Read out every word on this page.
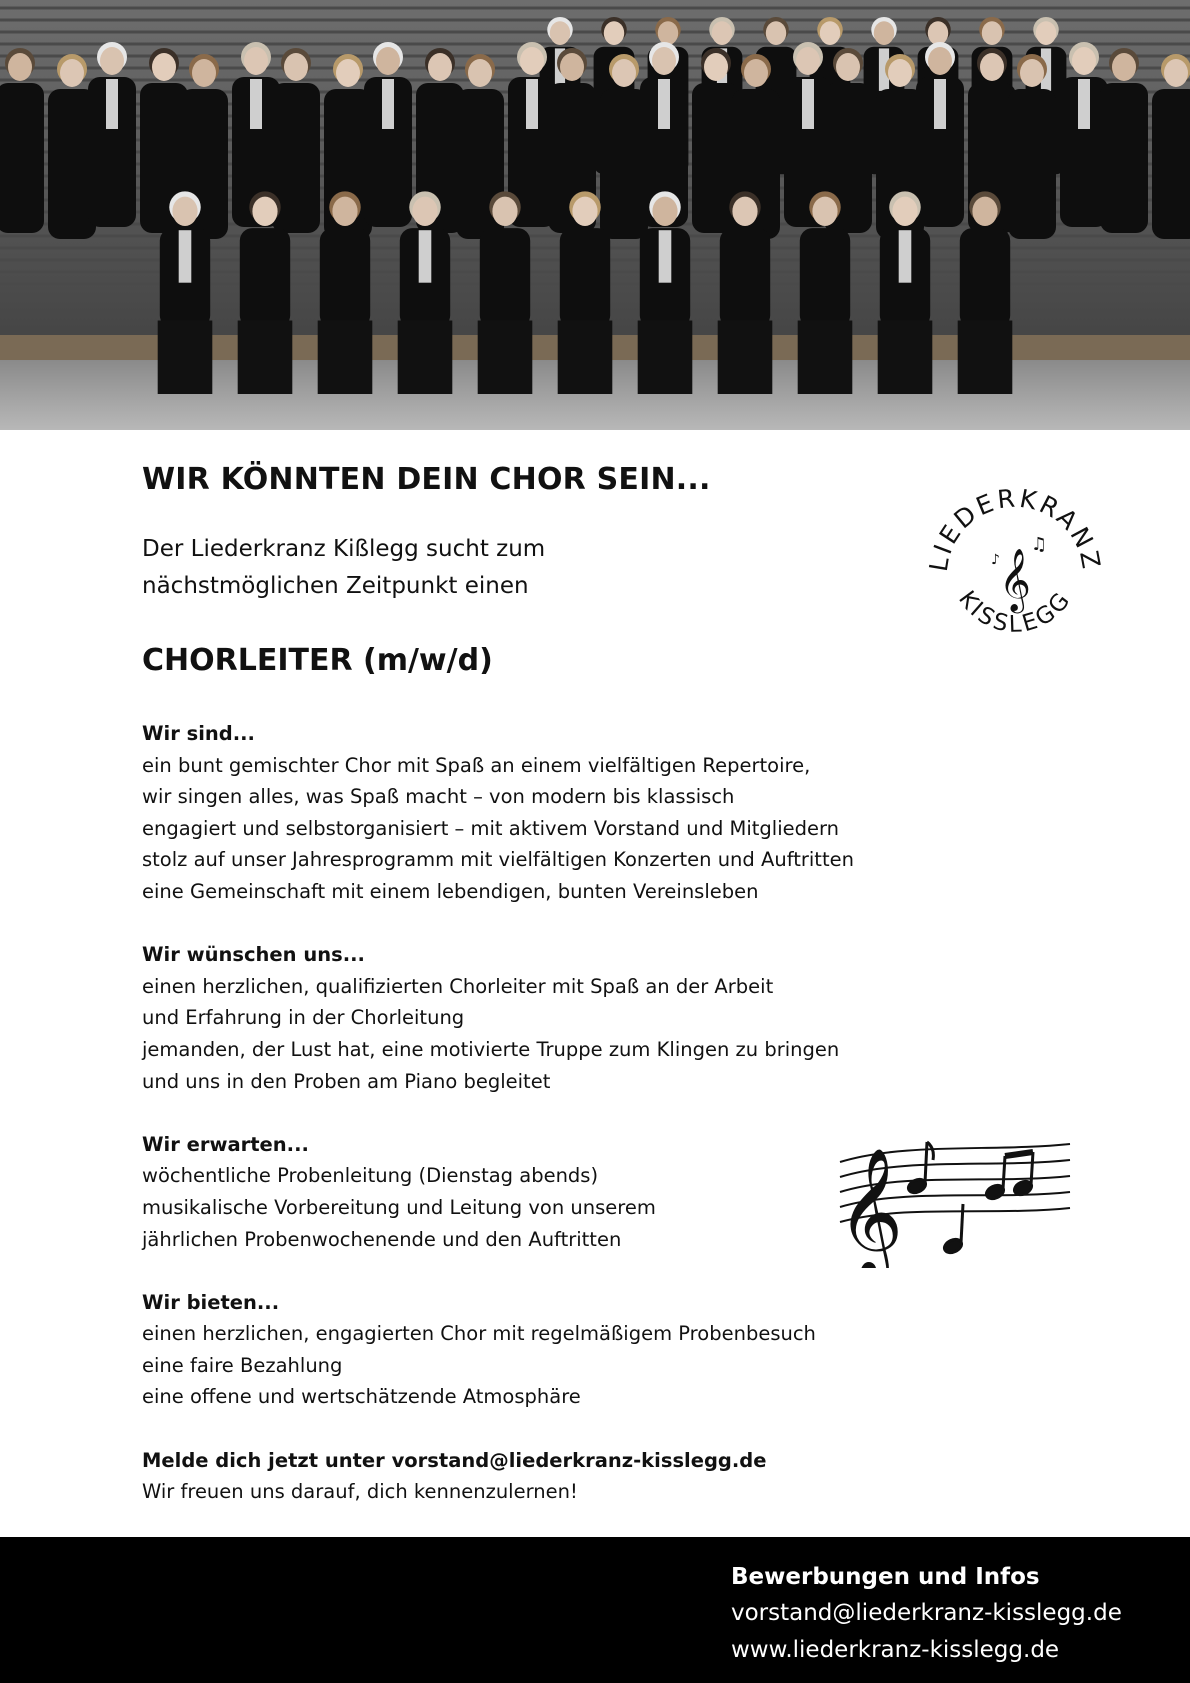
WIR KÖNNTEN DEIN CHOR SEIN...
Der Liederkranz Kißlegg sucht zum
nächstmöglichen Zeitpunkt einen
CHORLEITER (m/w/d)
Wir sind...
ein bunt gemischter Chor mit Spaß an einem vielfältigen Repertoire,
wir singen alles, was Spaß macht – von modern bis klassisch
engagiert und selbstorganisiert – mit aktivem Vorstand und Mitgliedern
stolz auf unser Jahresprogramm mit vielfältigen Konzerten und Auftritten
eine Gemeinschaft mit einem lebendigen, bunten Vereinsleben
Wir wünschen uns...
einen herzlichen, qualifizierten Chorleiter mit Spaß an der Arbeit
und Erfahrung in der Chorleitung
jemanden, der Lust hat, eine motivierte Truppe zum Klingen zu bringen
und uns in den Proben am Piano begleitet
Wir erwarten...
wöchentliche Probenleitung (Dienstag abends)
musikalische Vorbereitung und Leitung von unserem
jährlichen Probenwochenende und den Auftritten
Wir bieten...
einen herzlichen, engagierten Chor mit regelmäßigem Probenbesuch
eine faire Bezahlung
eine offene und wertschätzende Atmosphäre
Melde dich jetzt unter vorstand@liederkranz-kisslegg.de
Wir freuen uns darauf, dich kennenzulernen!
LIEDERKRANZ
KISSLEGG
𝄞
♫
♪
𝄞
Bewerbungen und Infos
vorstand@liederkranz-kisslegg.de
www.liederkranz-kisslegg.de
